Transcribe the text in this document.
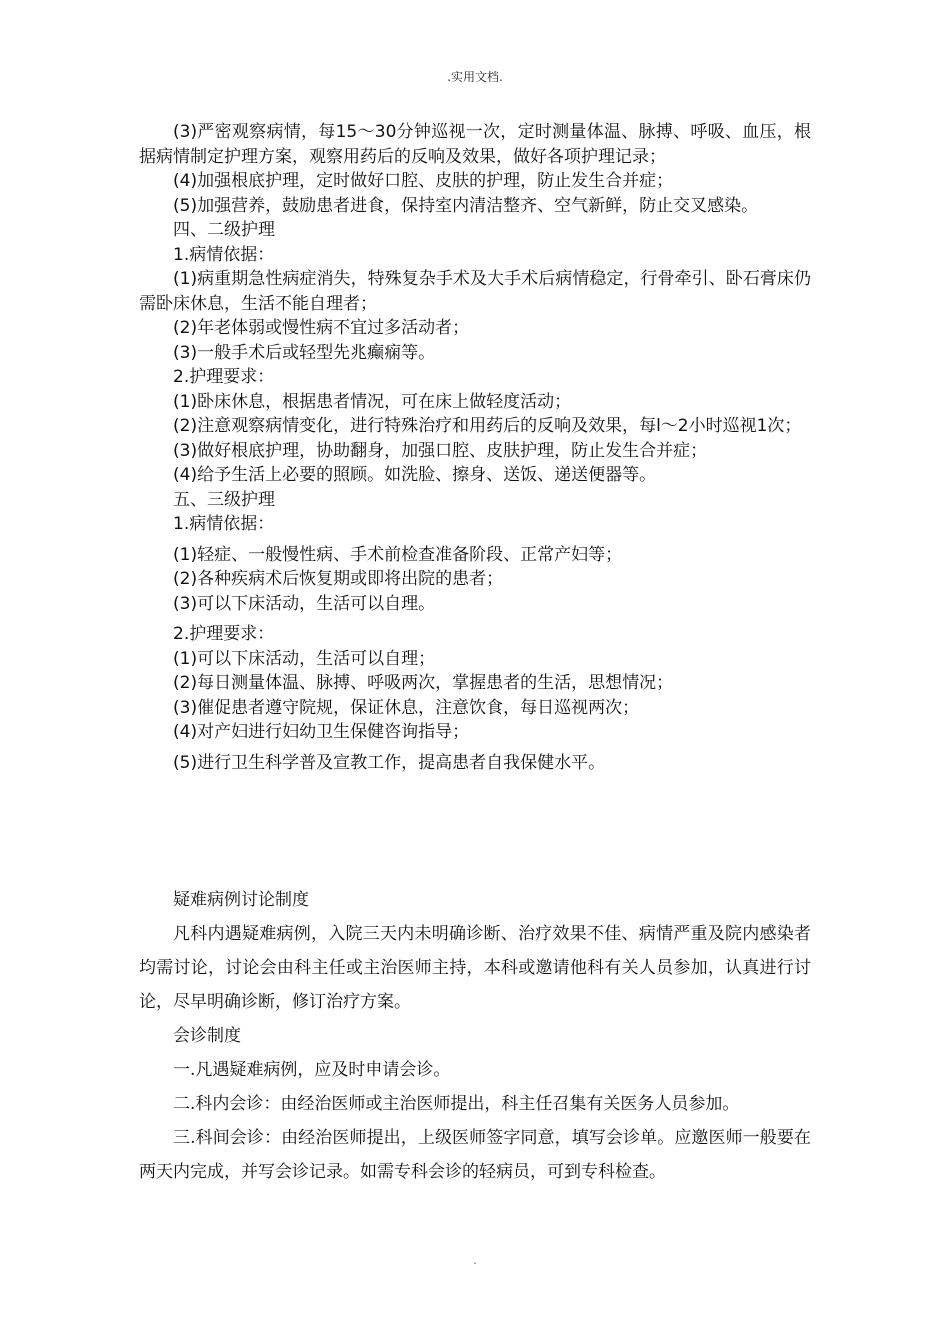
.实用文档.

(3)严密观察病情，每15～30分钟巡视一次，定时测量体温、脉搏、呼吸、血压，根据病情制定护理方案，观察用药后的反响及效果，做好各项护理记录；

(4)加强根底护理，定时做好口腔、皮肤的护理，防止发生合并症；

(5)加强营养，鼓励患者进食，保持室内清洁整齐、空气新鲜，防止交叉感染。

四、二级护理

1.病情依据：

(1)病重期急性病症消失，特殊复杂手术及大手术后病情稳定，行骨牵引、卧石膏床仍需卧床休息，生活不能自理者；

(2)年老体弱或慢性病不宜过多活动者；

(3)一般手术后或轻型先兆癫痫等。

2.护理要求：

(1)卧床休息，根据患者情况，可在床上做轻度活动；

(2)注意观察病情变化，进行特殊治疗和用药后的反响及效果，每l～2小时巡视1次；

(3)做好根底护理，协助翻身，加强口腔、皮肤护理，防止发生合并症；

(4)给予生活上必要的照顾。如洗脸、擦身、送饭、递送便器等。

五、三级护理

1.病情依据：

(1)轻症、一般慢性病、手术前检查准备阶段、正常产妇等；

(2)各种疾病术后恢复期或即将出院的患者；

(3)可以下床活动，生活可以自理。

2.护理要求：

(1)可以下床活动，生活可以自理；

(2)每日测量体温、脉搏、呼吸两次，掌握患者的生活，思想情况；

(3)催促患者遵守院规，保证休息，注意饮食，每日巡视两次；

(4)对产妇进行妇幼卫生保健咨询指导；

(5)进行卫生科学普及宣教工作，提高患者自我保健水平。

疑难病例讨论制度

凡科内遇疑难病例，入院三天内未明确诊断、治疗效果不佳、病情严重及院内感染者均需讨论，讨论会由科主任或主治医师主持，本科或邀请他科有关人员参加，认真进行讨论，尽早明确诊断，修订治疗方案。

会诊制度

一.凡遇疑难病例，应及时申请会诊。

二.科内会诊：由经治医师或主治医师提出，科主任召集有关医务人员参加。

三.科间会诊：由经治医师提出，上级医师签字同意，填写会诊单。应邀医师一般要在两天内完成，并写会诊记录。如需专科会诊的轻病员，可到专科检查。

.
